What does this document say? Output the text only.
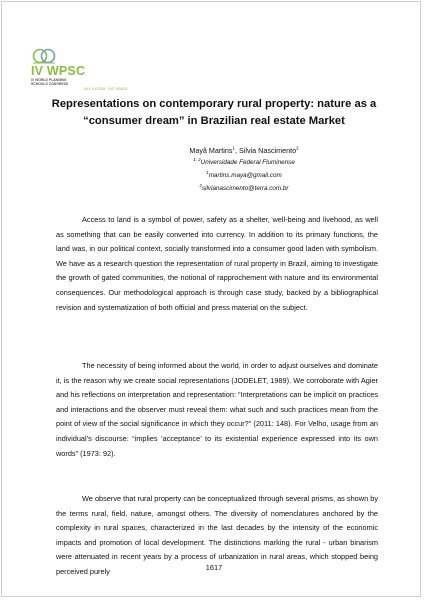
IV WPSC
IV WORLD PLANNING
SCHOOLS CONGRESS
JULY 4-8 2016 · RIO, BRAZIL
Representations on contemporary rural property: nature as a “consumer dream” in Brazilian real estate Market
Mayã Martins$^1$, Silvia Nascimento$^2$
$^{1, 2}$Universidade Federal Fluminense
$^1$martins.maya@gmail.com
$^2$silvianascimento@terra.com.br

Access to land is a symbol of power, safety as a shelter, well-being and livehood, as well as something that can be easily converted into currency. In addition to its primary functions, the land was, in our political context, socially transformed into a consumer good laden with symbolism. We have as a research question the representation of rural property in Brazil, aiming to investigate the growth of gated communities, the notional of rapprochement with nature and its environmental consequences. Our methodological approach is through case study, backed by a bibliographical revision and systematization of both official and press material on the subject.

The necessity of being informed about the world, in order to adjust ourselves and dominate it, is the reason why we create social representations (JODELET, 1989). We corroborate with Agier and his reflections on interpretation and representation: “Interpretations can be implicit on practices and interactions and the observer must reveal them: what such and such practices mean from the point of view of the social significance in which they occur?” (2011: 148). For Velho, usage from an individual’s discourse: “implies ‘acceptance’ to its existential experience expressed into its own words” (1973: 92).

We observe that rural property can be conceptualized through several prisms, as shown by the terms rural, field, nature, amongst others. The diversity of nomenclatures anchored by the complexity in rural spaces, characterized in the last decades by the intensity of the economic impacts and promotion of local development. The distinctions marking the rural - urban binarism were attenuated in recent years by a process of urbanization in rural areas, which stopped being perceived purely	1617
